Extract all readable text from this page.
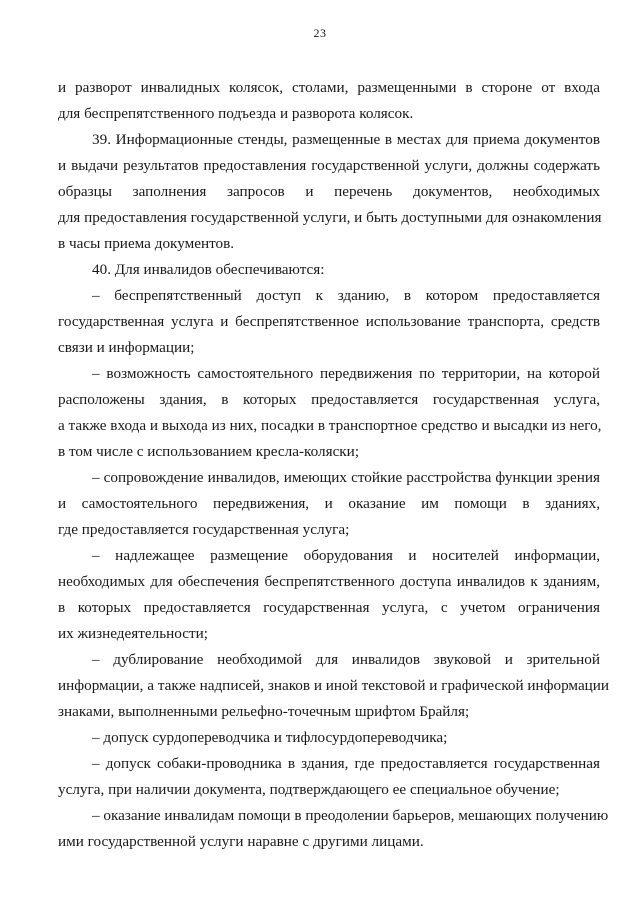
23
и разворот инвалидных колясок, столами, размещенными в стороне от входа
для беспрепятственного подъезда и разворота колясок.
39. Информационные стенды, размещенные в местах для приема документов
и выдачи результатов предоставления государственной услуги, должны содержать
образцы заполнения запросов и перечень документов, необходимых
для предоставления государственной услуги, и быть доступными для ознакомления
в часы приема документов.
40. Для инвалидов обеспечиваются:
– беспрепятственный доступ к зданию, в котором предоставляется
государственная услуга и беспрепятственное использование транспорта, средств
связи и информации;
– возможность самостоятельного передвижения по территории, на которой
расположены здания, в которых предоставляется государственная услуга,
а также входа и выхода из них, посадки в транспортное средство и высадки из него,
в том числе с использованием кресла-коляски;
– сопровождение инвалидов, имеющих стойкие расстройства функции зрения
и самостоятельного передвижения, и оказание им помощи в зданиях,
где предоставляется государственная услуга;
– надлежащее размещение оборудования и носителей информации,
необходимых для обеспечения беспрепятственного доступа инвалидов к зданиям,
в которых предоставляется государственная услуга, с учетом ограничения
их жизнедеятельности;
– дублирование необходимой для инвалидов звуковой и зрительной
информации, а также надписей, знаков и иной текстовой и графической информации
знаками, выполненными рельефно-точечным шрифтом Брайля;
– допуск сурдопереводчика и тифлосурдопереводчика;
– допуск собаки-проводника в здания, где предоставляется государственная
услуга, при наличии документа, подтверждающего ее специальное обучение;
– оказание инвалидам помощи в преодолении барьеров, мешающих получению
ими государственной услуги наравне с другими лицами.
